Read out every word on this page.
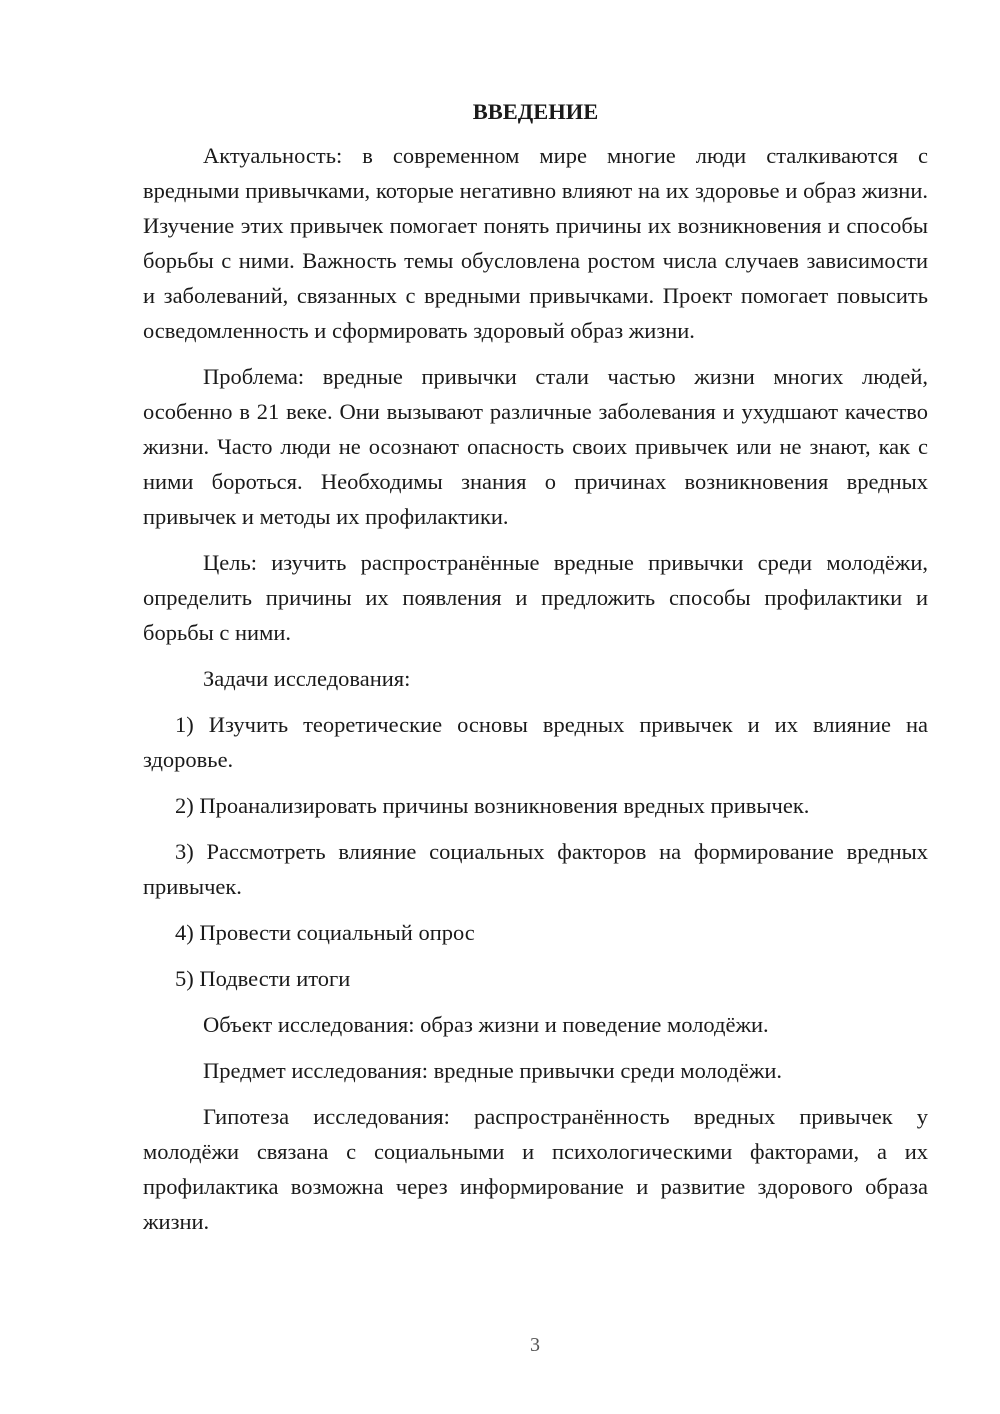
ВВЕДЕНИЕ

Актуальность: в современном мире многие люди сталкиваются с вредными привычками, которые негативно влияют на их здоровье и образ жизни. Изучение этих привычек помогает понять причины их возникновения и способы борьбы с ними. Важность темы обусловлена ростом числа случаев зависимости и заболеваний, связанных с вредными привычками. Проект помогает повысить осведомленность и сформировать здоровый образ жизни.

Проблема: вредные привычки стали частью жизни многих людей, особенно в 21 веке. Они вызывают различные заболевания и ухудшают качество жизни. Часто люди не осознают опасность своих привычек или не знают, как с ними бороться. Необходимы знания о причинах возникновения вредных привычек и методы их профилактики.

Цель: изучить распространённые вредные привычки среди молодёжи, определить причины их появления и предложить способы профилактики и борьбы с ними.

Задачи исследования:

1) Изучить теоретические основы вредных привычек и их влияние на здоровье.

2) Проанализировать причины возникновения вредных привычек.

3) Рассмотреть влияние социальных факторов на формирование вредных привычек.

4) Провести социальный опрос

5) Подвести итоги

Объект исследования: образ жизни и поведение молодёжи.

Предмет исследования: вредные привычки среди молодёжи.

Гипотеза исследования: распространённость вредных привычек у молодёжи связана с социальными и психологическими факторами, а их профилактика возможна через информирование и развитие здорового образа жизни.

3
